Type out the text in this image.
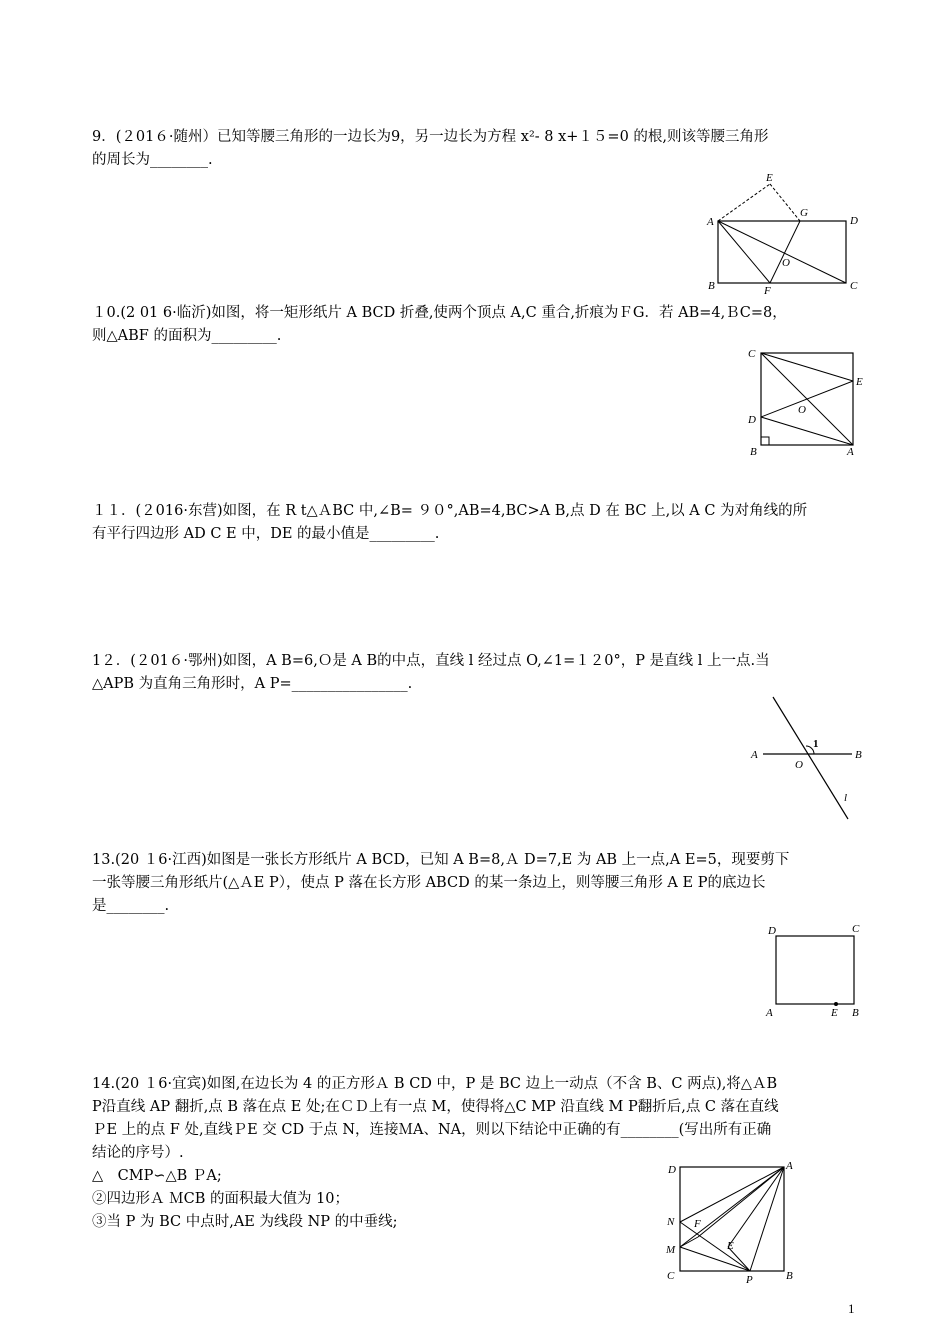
9．(２01６·随州）已知等腰三角形的一边长为9，另一边长为方程 x²- 8 x+１５=0 的根,则该等腰三角形
的周长为________.
E
A
G
D
O
B	F	C
１0.(2 01 6·临沂)如图，将一矩形纸片 A BCD 折叠,使两个顶点 A,C 重合,折痕为ＦG．若 AB=4,ＢC=8，
则△ABF 的面积为_________.
C
E
O
D
B	A
１１．(２016·东营)如图，在 R t△ＡBC 中,∠B= ９０°,AB=4,BC>A B,点 D 在 BC 上,以 A C 为对角线的所
有平行四边形 AD C E 中，DE 的最小值是_________.
1２．(２01６·鄂州)如图，A B=6,Ｏ是 A B的中点，直线 l 经过点 O,∠1=１２0°，P 是直线 l 上一点.当
△APB 为直角三角形时，A P=________________.
1
A
O
B
l
13.(20 １6·江西)如图是一张长方形纸片 A BCD，已知 A B=8,Ａ D=7,E 为 AB 上一点,A E=5，现要剪下
一张等腰三角形纸片(△ＡE P），使点 P 落在长方形 ABCD 的某一条边上，则等腰三角形 A E P的底边长
是________.
D	C
A	E B
14.(20 １6·宜宾)如图,在边长为 4 的正方形Ａ B CD 中，P 是 BC 边上一动点（不含 B、C 两点),将△ＡB
P沿直线 AP 翻折,点 B 落在点 E 处;在ＣＤ上有一点 M，使得将△C MP 沿直线 M P翻折后,点 C 落在直线
ＰE 上的点 F 处,直线ＰE 交 CD 于点 N，连接ＭA、NA，则以下结论中正确的有________(写出所有正确
结论的序号）.
△　CMP∽△B ＰA;
②四边形Ａ ＭCB 的面积最大值为 10；
③当 P 为 BC 中点时,AE 为线段 NP 的中垂线;
D	A
N F
E
M
C	P	B
1
